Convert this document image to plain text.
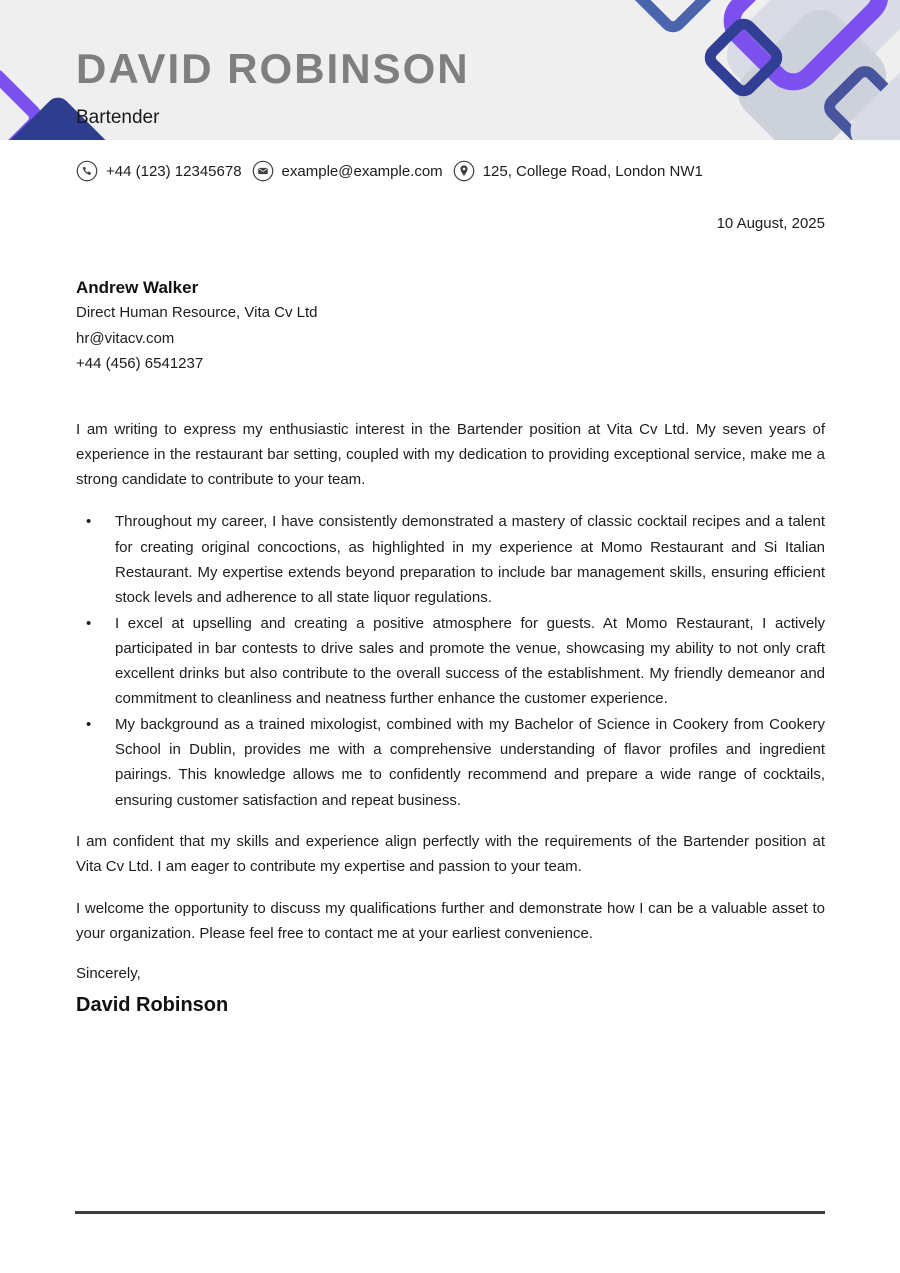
DAVID ROBINSON
Bartender
+44 (123) 12345678	example@example.com	125, College Road, London NW1
10 August, 2025
Andrew Walker
Direct Human Resource, Vita Cv Ltd
hr@vitacv.com
+44 (456) 6541237

I am writing to express my enthusiastic interest in the Bartender position at Vita Cv Ltd. My seven years of experience in the restaurant bar setting, coupled with my dedication to providing exceptional service, make me a strong candidate to contribute to your team.

• Throughout my career, I have consistently demonstrated a mastery of classic cocktail recipes and a talent for creating original concoctions, as highlighted in my experience at Momo Restaurant and Si Italian Restaurant. My expertise extends beyond preparation to include bar management skills, ensuring efficient stock levels and adherence to all state liquor regulations.
• I excel at upselling and creating a positive atmosphere for guests. At Momo Restaurant, I actively participated in bar contests to drive sales and promote the venue, showcasing my ability to not only craft excellent drinks but also contribute to the overall success of the establishment. My friendly demeanor and commitment to cleanliness and neatness further enhance the customer experience.
• My background as a trained mixologist, combined with my Bachelor of Science in Cookery from Cookery School in Dublin, provides me with a comprehensive understanding of flavor profiles and ingredient pairings. This knowledge allows me to confidently recommend and prepare a wide range of cocktails, ensuring customer satisfaction and repeat business.

I am confident that my skills and experience align perfectly with the requirements of the Bartender position at Vita Cv Ltd. I am eager to contribute my expertise and passion to your team.

I welcome the opportunity to discuss my qualifications further and demonstrate how I can be a valuable asset to your organization. Please feel free to contact me at your earliest convenience.

Sincerely,
David Robinson
